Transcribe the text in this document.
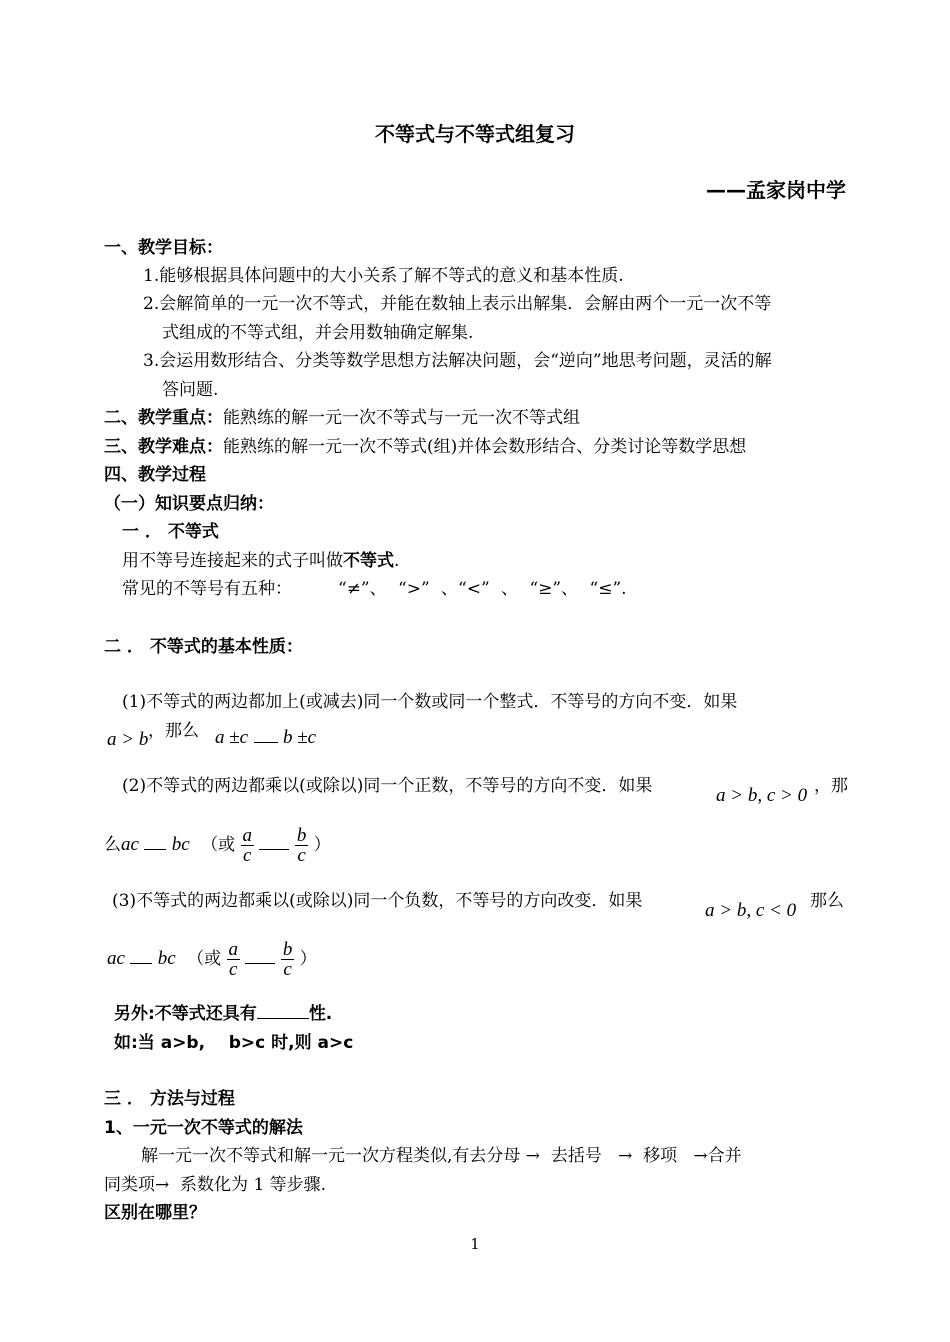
不等式与不等式组复习
——孟家岗中学
一、教学目标：
1.能够根据具体问题中的大小关系了解不等式的意义和基本性质.
2.会解简单的一元一次不等式，并能在数轴上表示出解集．会解由两个一元一次不等
式组成的不等式组，并会用数轴确定解集.
3.会运用数形结合、分类等数学思想方法解决问题，会“逆向”地思考问题，灵活的解
答问题.
二、教学重点：能熟练的解一元一次不等式与一元一次不等式组
三、教学难点：能熟练的解一元一次不等式(组)并体会数形结合、分类讨论等数学思想
四、教学过程
（一）知识要点归纳：
一 ． 不等式
用不等号连接起来的式子叫做不等式.
常见的不等号有五种：	“≠”、 “>” 、“<” 、 “≥”、 “≤”.
二 ． 不等式的基本性质：
(1)不等式的两边都加上(或减去)同一个数或同一个整式．不等号的方向不变．如果
a > b ，那么 a ±c b ±c
(2)不等式的两边都乘以(或除以)同一个正数，不等号的方向不变．如果	a > b, c > 0 ，那
么ac bc （或 $\frac{a}{c}$
$\frac{b}{c}$ ）
(3)不等式的两边都乘以(或除以)同一个负数，不等号的方向改变．如果	a > b, c < 0 那么
ac bc （或 $\frac{a}{c}$
$\frac{b}{c}$ ）
另外:不等式还具有	性.
如:当 a>b,    b>c 时,则 a>c
三 ． 方法与过程
1、一元一次不等式的解法
解一元一次不等式和解一元一次方程类似,有去分母 →  去括号   →  移项   →合并
同类项→  系数化为 1 等步骤.
区别在哪里？
1
